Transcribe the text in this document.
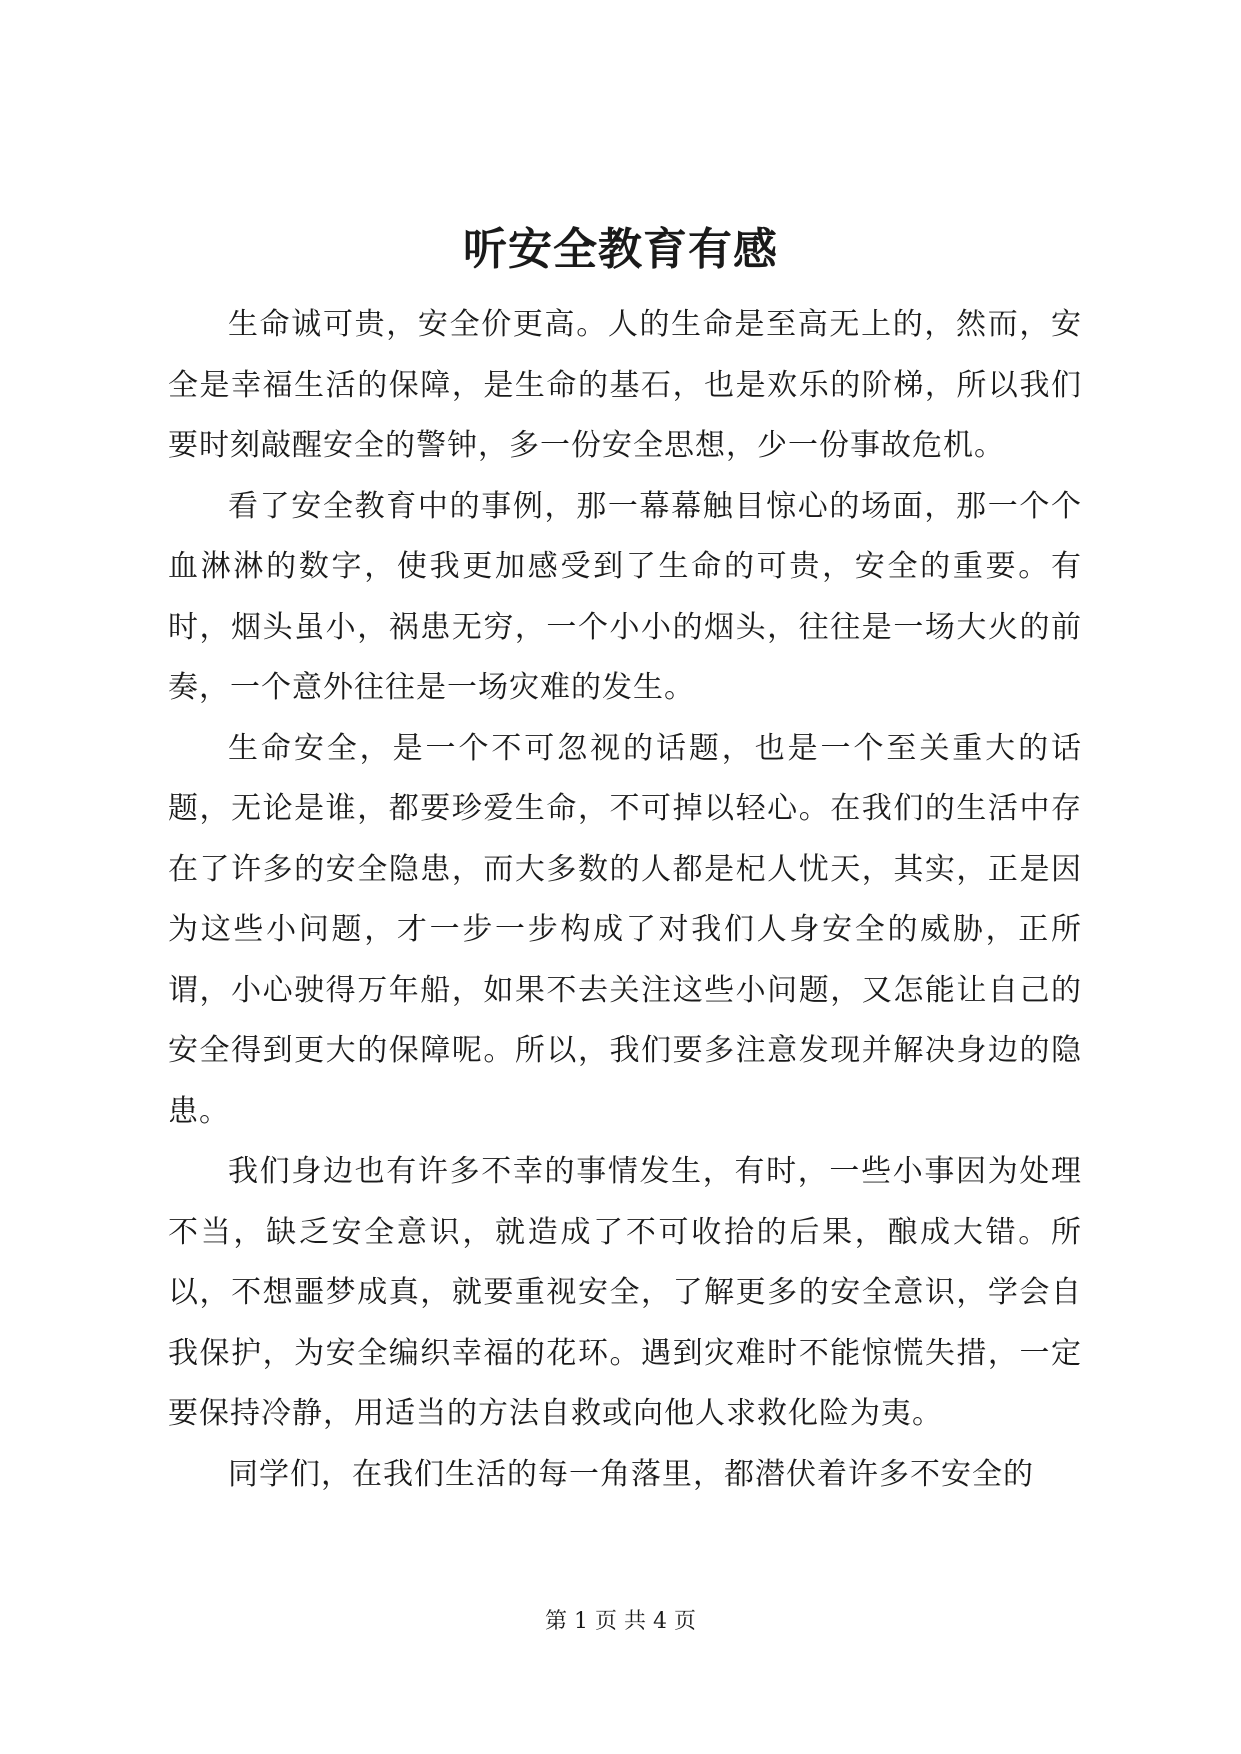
听安全教育有感

生命诚可贵，安全价更高。人的生命是至高无上的，然而，安全是幸福生活的保障，是生命的基石，也是欢乐的阶梯，所以我们要时刻敲醒安全的警钟，多一份安全思想，少一份事故危机。

看了安全教育中的事例，那一幕幕触目惊心的场面，那一个个血淋淋的数字，使我更加感受到了生命的可贵，安全的重要。有时，烟头虽小，祸患无穷，一个小小的烟头，往往是一场大火的前奏，一个意外往往是一场灾难的发生。

生命安全，是一个不可忽视的话题，也是一个至关重大的话题，无论是谁，都要珍爱生命，不可掉以轻心。在我们的生活中存在了许多的安全隐患，而大多数的人都是杞人忧天，其实，正是因为这些小问题，才一步一步构成了对我们人身安全的威胁，正所谓，小心驶得万年船，如果不去关注这些小问题，又怎能让自己的安全得到更大的保障呢。所以，我们要多注意发现并解决身边的隐患。

我们身边也有许多不幸的事情发生，有时，一些小事因为处理不当，缺乏安全意识，就造成了不可收拾的后果，酿成大错。所以，不想噩梦成真，就要重视安全，了解更多的安全意识，学会自我保护，为安全编织幸福的花环。遇到灾难时不能惊慌失措，一定要保持冷静，用适当的方法自救或向他人求救化险为夷。

同学们，在我们生活的每一角落里，都潜伏着许多不安全的

第 1 页 共 4 页
